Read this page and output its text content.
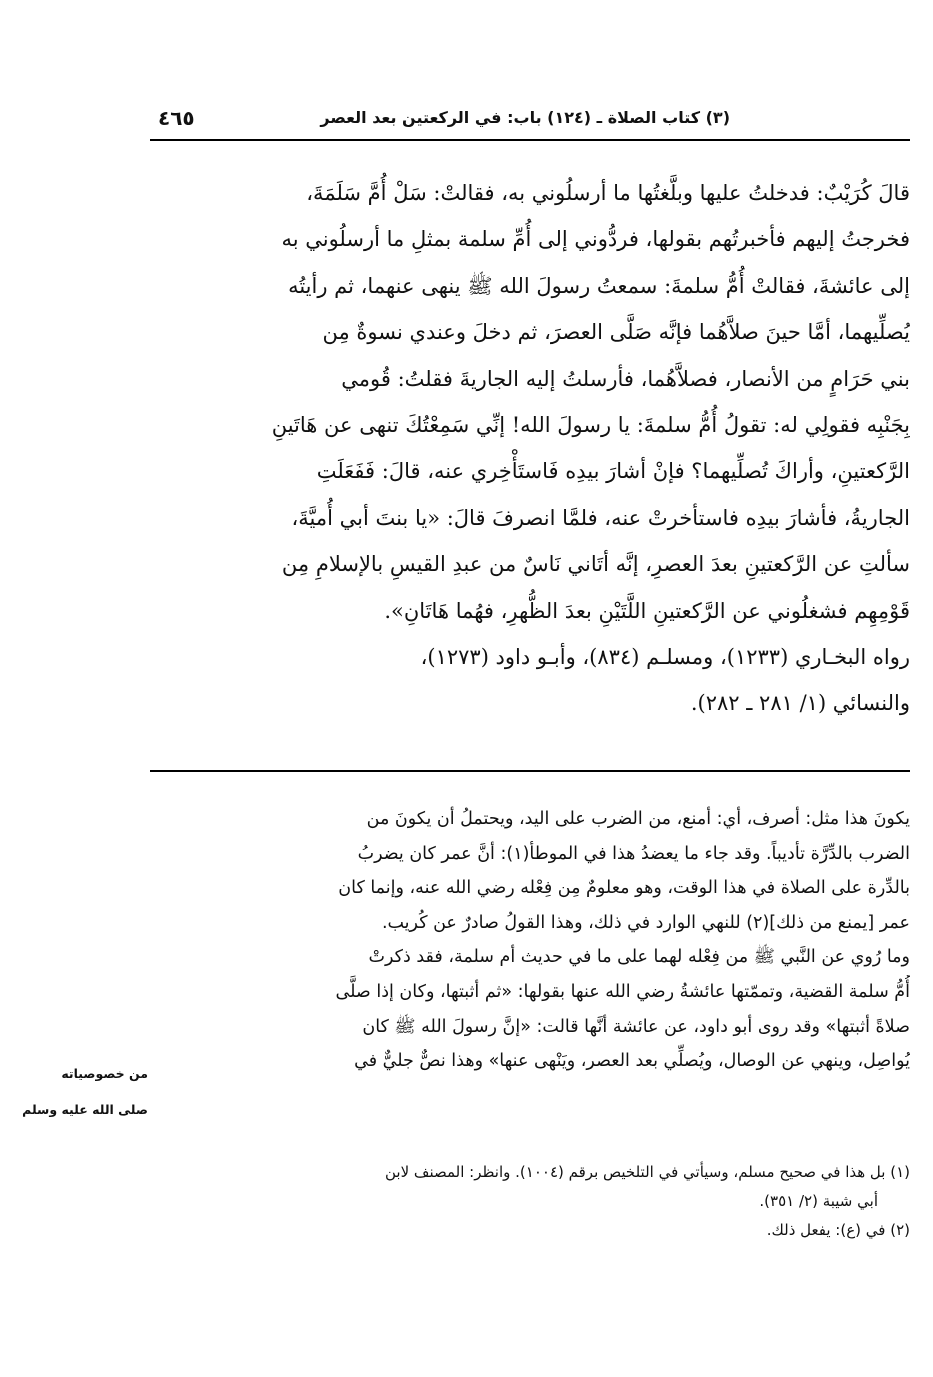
(٣) كتاب الصلاة ـ (١٢٤) باب: في الركعتين بعد العصر
٤٦٥
قالَ كُرَيْبٌ: فدخلتُ عليها وبلَّغتُها ما أرسلُوني به، فقالتْ: سَلْ أُمَّ سَلَمَةَ،
فخرجتُ إليهم فأخبرتُهم بقولها، فردُّوني إلى أُمِّ سلمة بمثلِ ما أرسلُوني به
إلى عائشةَ، فقالتْ أُمُّ سلمةَ: سمعتُ رسولَ الله ﷺ ينهى عنهما، ثم رأيتُه
يُصلِّيهما، أمَّا حينَ صلاَّهُما فإنَّه صَلَّى العصرَ، ثم دخلَ وعندي نسوةٌ مِن
بني حَرَامٍ من الأنصار، فصلاَّهُما، فأرسلتُ إليه الجاريةَ فقلتُ: قُومي
بِجَنْبِه فقولِي له: تقولُ أُمُّ سلمةَ: يا رسولَ الله! إنِّي سَمِعْتُكَ تنهى عن هَاتَينِ
الرَّكعتينِ، وأراكَ تُصلِّيهما؟ فإنْ أشارَ بيدِه فَاستَأْخِري عنه، قالَ: فَفَعَلَتِ
الجاريةُ، فأشارَ بيدِه فاستأخرتْ عنه، فلمَّا انصرفَ قالَ: «يا بنتَ أبي أُميَّةَ،
سألتِ عن الرَّكعتينِ بعدَ العصرِ، إنَّه أتَاني نَاسٌ من عبدِ القيسِ بالإسلامِ مِن
قَوْمِهِم فشغلُوني عن الرَّكعتينِ اللَّتَيْنِ بعدَ الظُّهرِ، فهُما هَاتَانِ».
رواه البخـاري (١٢٣٣)، ومسلـم (٨٣٤)، وأبـو داود (١٢٧٣)،
والنسائي (١/ ٢٨١ ـ ٢٨٢).
يكونَ هذا مثل: أصرف، أي: أمنع، من الضرب على اليد، ويحتملُ أن يكونَ من
الضرب بالدِّرَّة تأديباً. وقد جاء ما يعضدُ هذا في الموطأ(١): أنَّ عمر كان يضربُ
بالدِّرة على الصلاة في هذا الوقت، وهو معلومٌ مِن فِعْله رضي الله عنه، وإنما كان
عمر [يمنع من ذلك](٢) للنهي الوارد في ذلك، وهذا القولُ صادرٌ عن كُريب.
وما رُوي عن النَّبي ﷺ من فِعْله لهما على ما في حديث أم سلمة، فقد ذكرتْ
أُمُّ سلمة القضية، وتممّتها عائشةُ رضي الله عنها بقولها: «ثم أثبتها، وكان إذا صلَّى
صلاةً أثبتها» وقد روى أبو داود، عن عائشة أنَّها قالت: «إنَّ رسولَ الله ﷺ كان
يُواصِل، وينهي عن الوصال، ويُصلِّي بعد العصر، ويَنْهى عنها» وهذا نصٌّ جليٌّ في
من خصوصياته
صلى الله عليه وسلم
(١) بل هذا في صحيح مسلم، وسيأتي في التلخيص برقم (١٠٠٤). وانظر: المصنف لابن
أبي شيبة (٢/ ٣٥١).
(٢) في (ع): يفعل ذلك.
